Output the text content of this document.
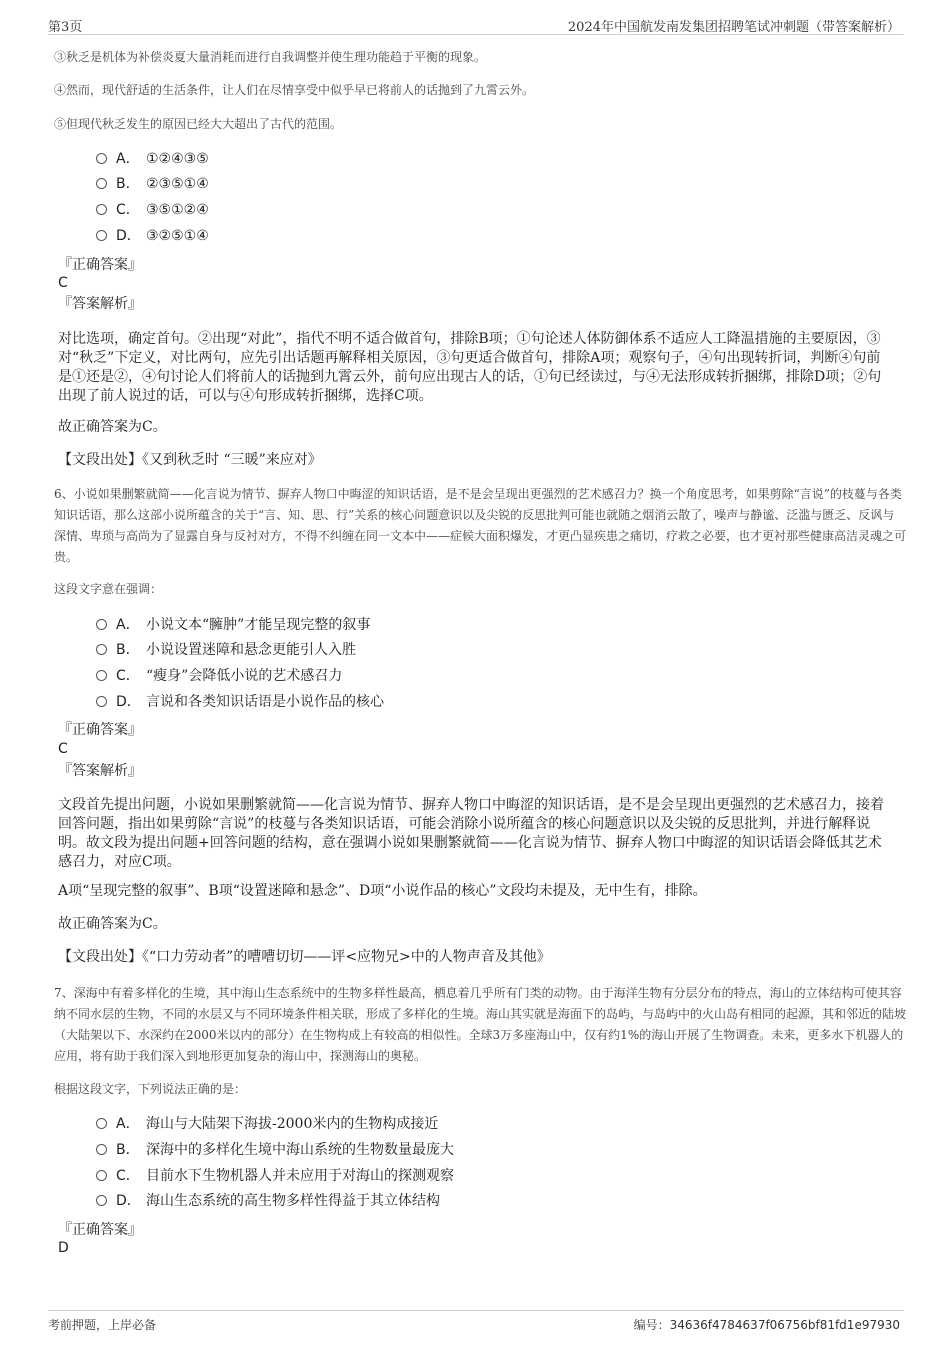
第3页	2024年中国航发南发集团招聘笔试冲刺题（带答案解析）
③秋乏是机体为补偿炎夏大量消耗而进行自我调整并使生理功能趋于平衡的现象。
④然而，现代舒适的生活条件，让人们在尽情享受中似乎早已将前人的话抛到了九霄云外。
⑤但现代秋乏发生的原因已经大大超出了古代的范围。
A． ①②④③⑤
B． ②③⑤①④
C． ③⑤①②④
D． ③②⑤①④
『正确答案』
C
『答案解析』
对比选项，确定首句。②出现“对此”，指代不明不适合做首句，排除B项；①句论述人体防御体系不适应人工降温措施的主要原因，③对“秋乏”下定义，对比两句，应先引出话题再解释相关原因，③句更适合做首句，排除A项；观察句子，④句出现转折词，判断④句前是①还是②，④句讨论人们将前人的话抛到九霄云外，前句应出现古人的话，①句已经读过，与④无法形成转折捆绑，排除D项；②句出现了前人说过的话，可以与④句形成转折捆绑，选择C项。
故正确答案为C。
【文段出处】《又到秋乏时 “三暖”来应对》
6、小说如果删繁就简——化言说为情节、摒弃人物口中晦涩的知识话语，是不是会呈现出更强烈的艺术感召力？换一个角度思考，如果剪除“言说”的枝蔓与各类知识话语，那么这部小说所蕴含的关于“言、知、思、行”关系的核心问题意识以及尖锐的反思批判可能也就随之烟消云散了，噪声与静谧、泛滥与匮乏、反讽与深情、卑琐与高尚为了显露自身与反衬对方，不得不纠缠在同一文本中——症候大面积爆发，才更凸显疾患之痛切，疗救之必要，也才更衬那些健康高洁灵魂之可贵。
这段文字意在强调：
A． 小说文本“臃肿”才能呈现完整的叙事
B． 小说设置迷障和悬念更能引人入胜
C． “瘦身”会降低小说的艺术感召力
D． 言说和各类知识话语是小说作品的核心
『正确答案』
C
『答案解析』
文段首先提出问题，小说如果删繁就简——化言说为情节、摒弃人物口中晦涩的知识话语，是不是会呈现出更强烈的艺术感召力，接着回答问题，指出如果剪除“言说”的枝蔓与各类知识话语，可能会消除小说所蕴含的核心问题意识以及尖锐的反思批判，并进行解释说明。故文段为提出问题+回答问题的结构，意在强调小说如果删繁就简——化言说为情节、摒弃人物口中晦涩的知识话语会降低其艺术感召力，对应C项。
A项“呈现完整的叙事”、B项“设置迷障和悬念”、D项“小说作品的核心”文段均未提及，无中生有，排除。
故正确答案为C。
【文段出处】《“口力劳动者”的嘈嘈切切——评<应物兄>中的人物声音及其他》
7、深海中有着多样化的生境，其中海山生态系统中的生物多样性最高，栖息着几乎所有门类的动物。由于海洋生物有分层分布的特点，海山的立体结构可使其容纳不同水层的生物，不同的水层又与不同环境条件相关联，形成了多样化的生境。海山其实就是海面下的岛屿，与岛屿中的火山岛有相同的起源，其和邻近的陆坡（大陆架以下、水深约在2000米以内的部分）在生物构成上有较高的相似性。全球3万多座海山中，仅有约1%的海山开展了生物调查。未来，更多水下机器人的应用，将有助于我们深入到地形更加复杂的海山中，探测海山的奥秘。
根据这段文字，下列说法正确的是：
A． 海山与大陆架下海拔-2000米内的生物构成接近
B． 深海中的多样化生境中海山系统的生物数量最庞大
C． 目前水下生物机器人并未应用于对海山的探测观察
D． 海山生态系统的高生物多样性得益于其立体结构
『正确答案』
D
考前押题，上岸必备	编号：34636f4784637f06756bf81fd1e97930
